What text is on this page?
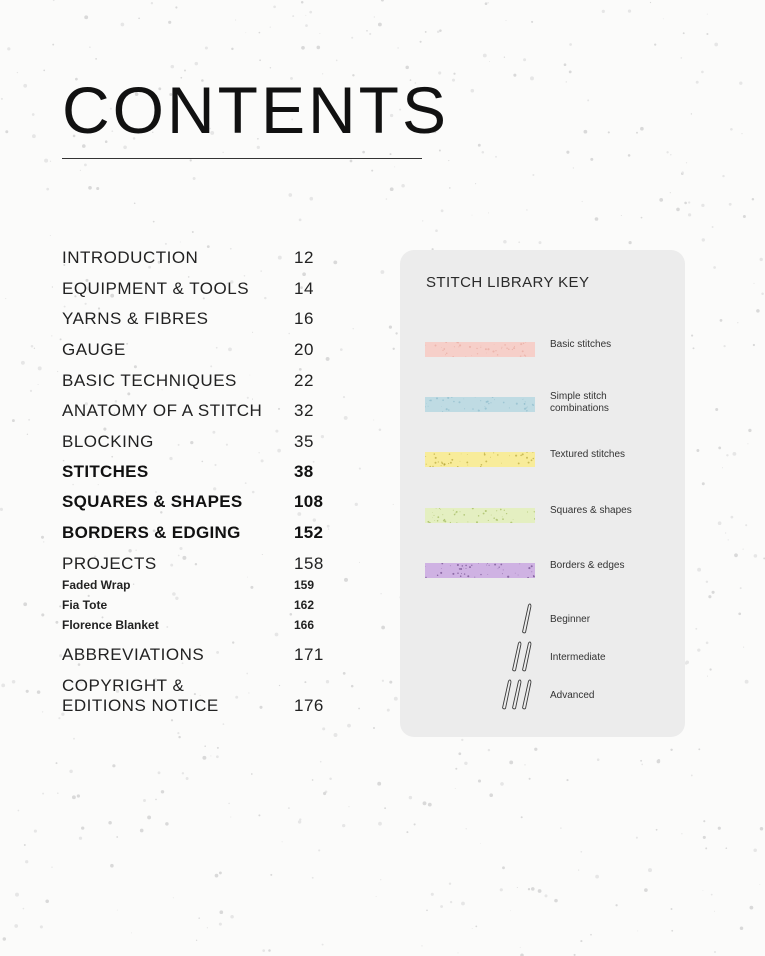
CONTENTS
INTRODUCTION	12
EQUIPMENT & TOOLS	14
YARNS & FIBRES	16
GAUGE	20
BASIC TECHNIQUES	22
ANATOMY OF A STITCH 32
BLOCKING	35
STITCHES	38
SQUARES & SHAPES	108
BORDERS & EDGING	152
PROJECTS	158
Faded Wrap	159
Fia Tote	162
Florence Blanket	166
ABBREVIATIONS	171
COPYRIGHT &
EDITIONS NOTICE	176
STITCH LIBRARY KEY
Basic stitches
Simple stitch
combinations
Textured stitches
Squares & shapes
Borders & edges
Beginner
Intermediate
Advanced
